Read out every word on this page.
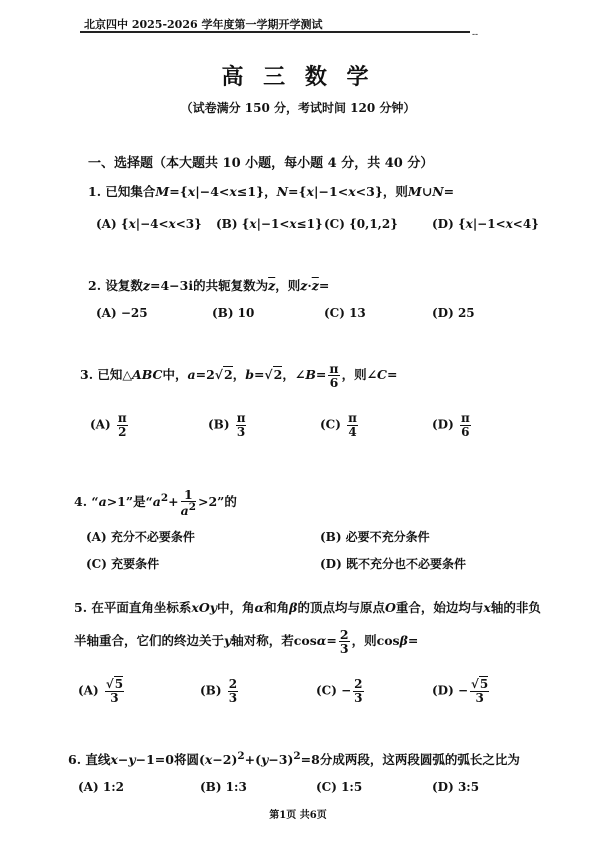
北京四中 2025-2026 学年度第一学期开学测试
--
高 三 数 学
（试卷满分 150 分，考试时间 120 分钟）
一、选择题（本大题共 10 小题，每小题 4 分，共 40 分）
1. 已知集合M={x|−4<x≤1}，N={x|−1<x<3}，则M∪N=
(A) {x|−4<x<3} (B) {x|−1<x≤1} (C) {0,1,2}	(D) {x|−1<x<4}
2. 设复数z=4−3i的共轭复数为$\overline{z}$，则$z\cdot\overline{z}=$
(A) −25	(B) 10	(C) 13	(D) 25
3. 已知△ABC中，a=2√2，b=√2，∠B= $\frac{\pi}{6}$ ，则∠C=
$(A) \frac{\pi}{2}$	$(B) \frac{\pi}{3}$	$(C) \frac{\pi}{4}$	$(D) \frac{\pi}{6}$
4. “a>1”是“$a^2+ \frac{1}{a^2} >2$”的
(A) 充分不必要条件	(B) 必要不充分条件
(C) 充要条件	(D) 既不充分也不必要条件
5. 在平面直角坐标系xOy中，角α和角β的顶点均与原点O重合，始边均与x轴的非负
半轴重合，它们的终边关于y轴对称，若$\cos\alpha= \frac{2}{3}$ ，则cosβ=
$(A) \frac{√5}{3}$	$(B) \frac{2}{3}$	$(C) - \frac{2}{3}$	$(D) - \frac{√5}{3}$
6. 直线x−y−1=0将圆$(x-2)^2+(y-3)^2=8$分成两段，这两段圆弧的弧长之比为
(A) 1:2	(B) 1:3	(C) 1:5	(D) 3:5
第1页 共6页
